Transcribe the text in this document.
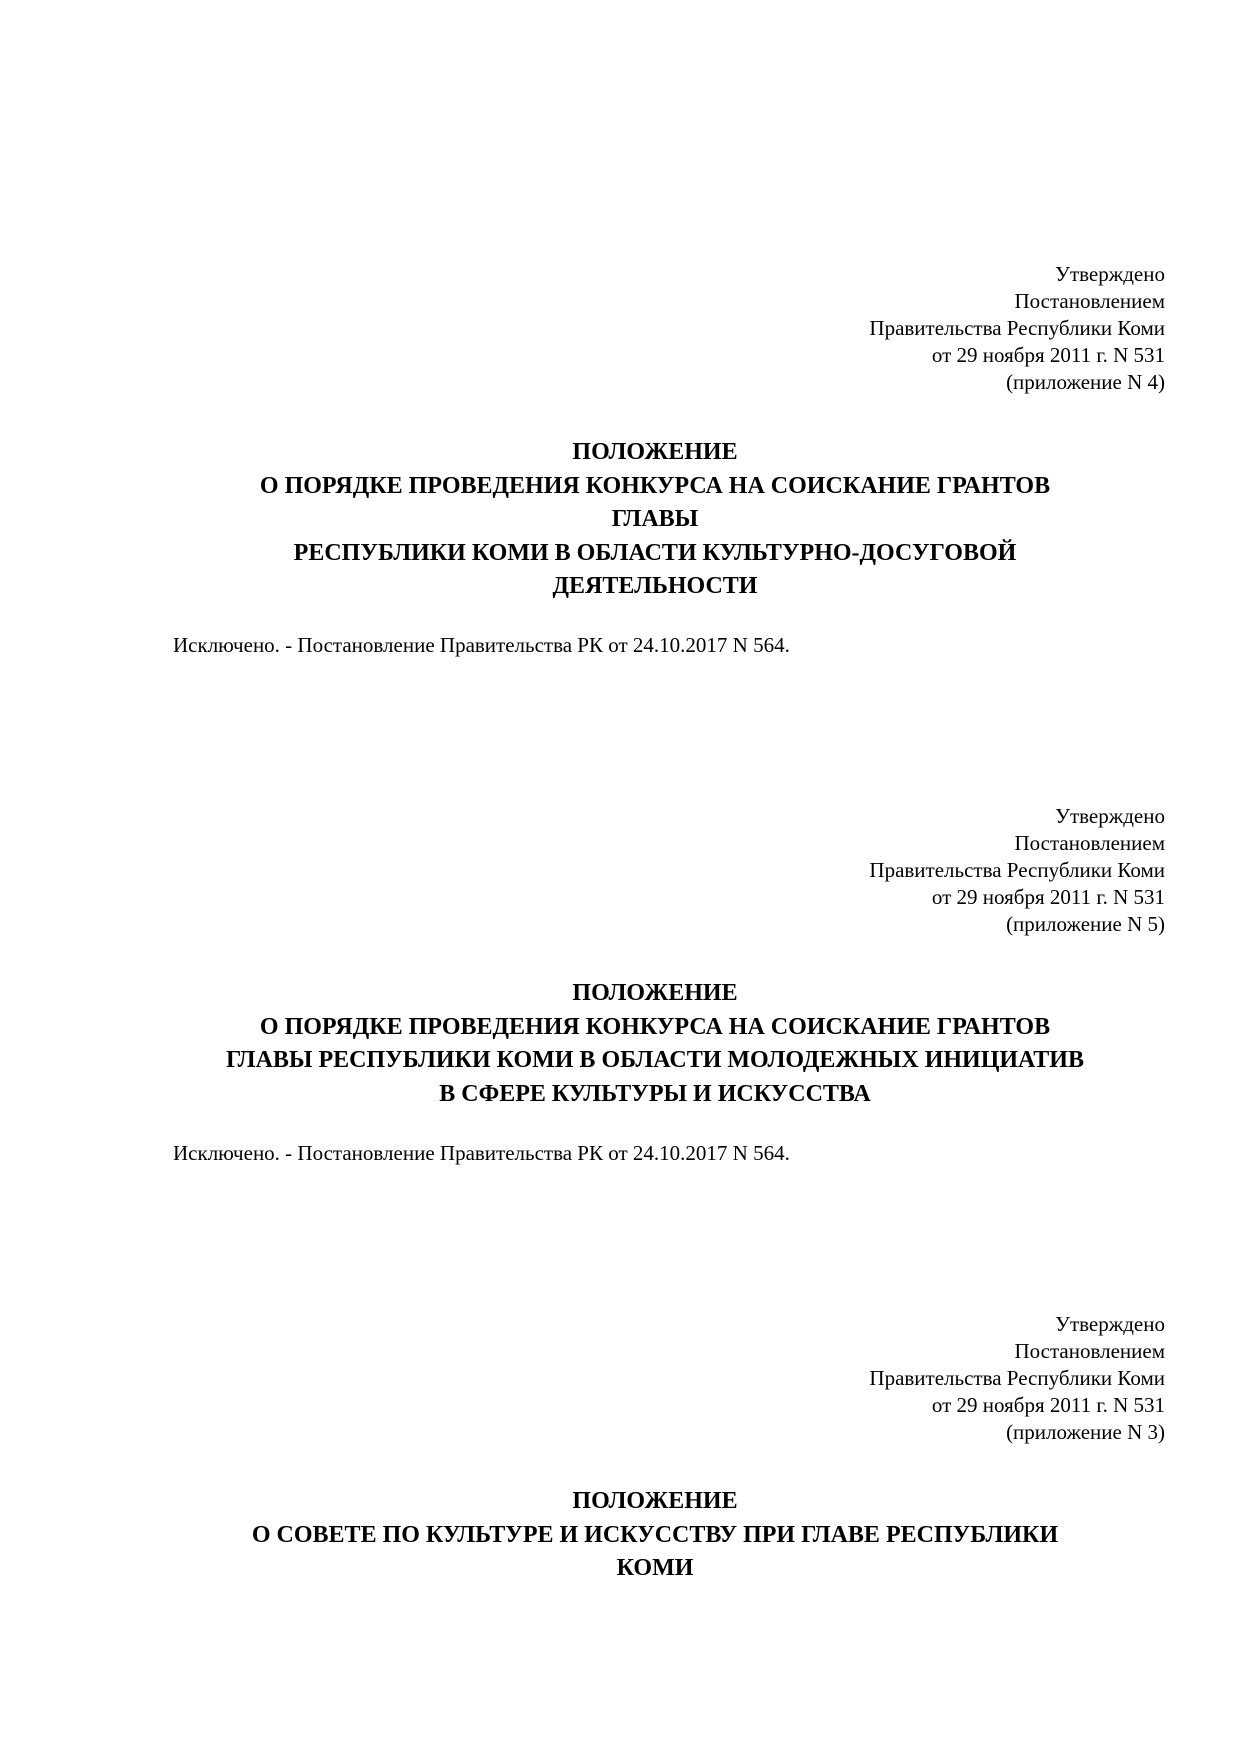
Утверждено
Постановлением
Правительства Республики Коми
от 29 ноября 2011 г. N 531
(приложение N 4)
ПОЛОЖЕНИЕ
О ПОРЯДКЕ ПРОВЕДЕНИЯ КОНКУРСА НА СОИСКАНИЕ ГРАНТОВ
ГЛАВЫ
РЕСПУБЛИКИ КОМИ В ОБЛАСТИ КУЛЬТУРНО-ДОСУГОВОЙ
ДЕЯТЕЛЬНОСТИ
Исключено. - Постановление Правительства РК от 24.10.2017 N 564.
Утверждено
Постановлением
Правительства Республики Коми
от 29 ноября 2011 г. N 531
(приложение N 5)
ПОЛОЖЕНИЕ
О ПОРЯДКЕ ПРОВЕДЕНИЯ КОНКУРСА НА СОИСКАНИЕ ГРАНТОВ
ГЛАВЫ РЕСПУБЛИКИ КОМИ В ОБЛАСТИ МОЛОДЕЖНЫХ ИНИЦИАТИВ
В СФЕРЕ КУЛЬТУРЫ И ИСКУССТВА
Исключено. - Постановление Правительства РК от 24.10.2017 N 564.
Утверждено
Постановлением
Правительства Республики Коми
от 29 ноября 2011 г. N 531
(приложение N 3)
ПОЛОЖЕНИЕ
О СОВЕТЕ ПО КУЛЬТУРЕ И ИСКУССТВУ ПРИ ГЛАВЕ РЕСПУБЛИКИ
КОМИ
